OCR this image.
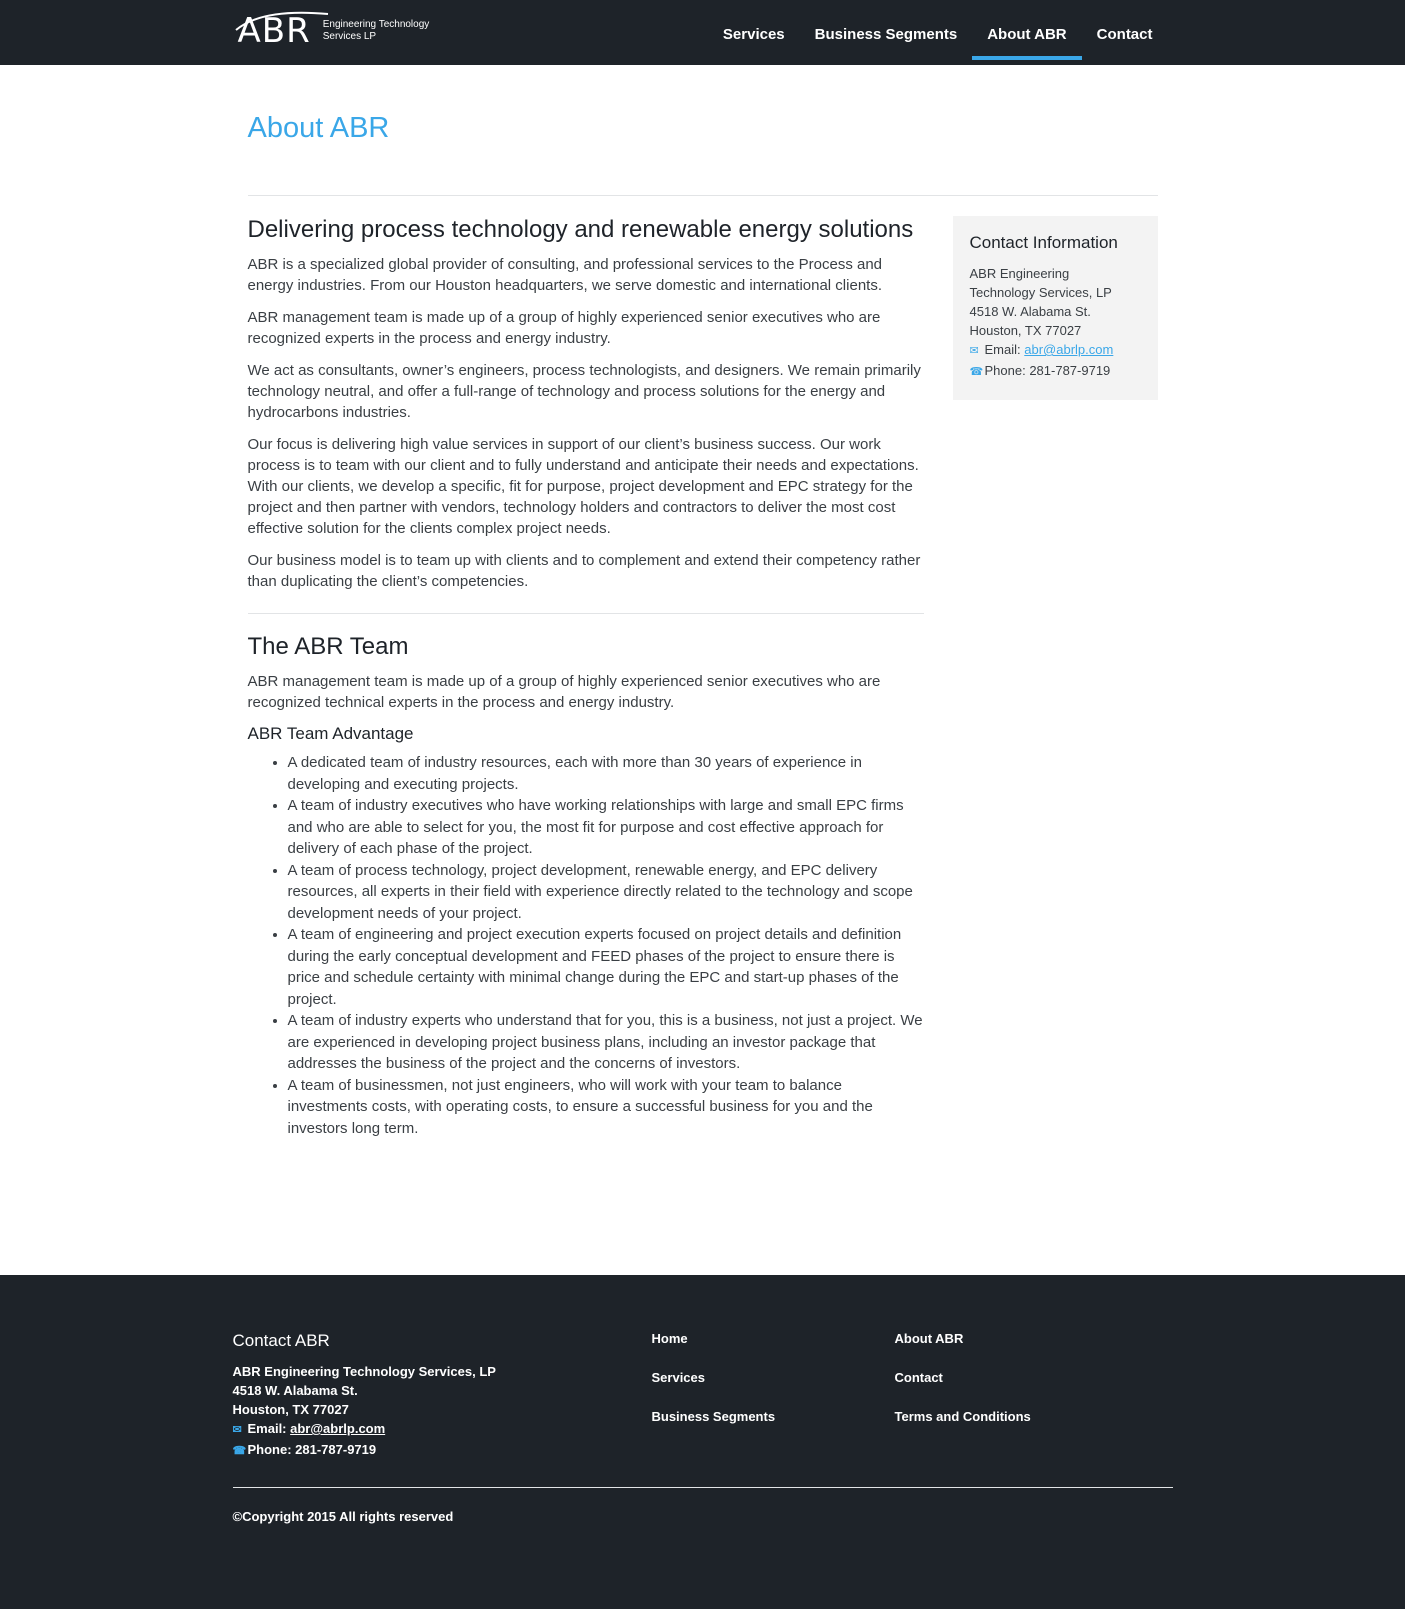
ABR Engineering Technology
Services LP	Services	Business Segments	About ABR	Contact
About ABR
Delivering process technology and renewable energy solutions

ABR is a specialized global provider of consulting, and professional services to the Process and energy industries. From our Houston headquarters, we serve domestic and international clients.

ABR management team is made up of a group of highly experienced senior executives who are recognized experts in the process and energy industry.

We act as consultants, owner’s engineers, process technologists, and designers. We remain primarily technology neutral, and offer a full-range of technology and process solutions for the energy and hydrocarbons industries.

Our focus is delivering high value services in support of our client’s business success. Our work process is to team with our client and to fully understand and anticipate their needs and expectations. With our clients, we develop a specific, fit for purpose, project development and EPC strategy for the project and then partner with vendors, technology holders and contractors to deliver the most cost effective solution for the clients complex project needs.

Our business model is to team up with clients and to complement and extend their competency rather than duplicating the client’s competencies.

The ABR Team

ABR management team is made up of a group of highly experienced senior executives who are recognized technical experts in the process and energy industry.

ABR Team Advantage
• A dedicated team of industry resources, each with more than 30 years of experience in developing and executing projects.
• A team of industry executives who have working relationships with large and small EPC firms and who are able to select for you, the most fit for purpose and cost effective approach for delivery of each phase of the project.
• A team of process technology, project development, renewable energy, and EPC delivery resources, all experts in their field with experience directly related to the technology and scope development needs of your project.
• A team of engineering and project execution experts focused on project details and definition during the early conceptual development and FEED phases of the project to ensure there is price and schedule certainty with minimal change during the EPC and start-up phases of the project.
• A team of industry experts who understand that for you, this is a business, not just a project. We are experienced in developing project business plans, including an investor package that addresses the business of the project and the concerns of investors.
• A team of businessmen, not just engineers, who will work with your team to balance investments costs, with operating costs, to ensure a successful business for you and the investors long term.
Contact Information
ABR Engineering
Technology Services, LP
4518 W. Alabama St.
Houston, TX 77027
✉ Email: abr@abrlp.com
☎Phone: 281-787-9719
Contact ABR
ABR Engineering Technology Services, LP
4518 W. Alabama St.
Houston, TX 77027
✉ Email: abr@abrlp.com
☎Phone: 281-787-9719
Home
Services
Business Segments
About ABR
Contact
Terms and Conditions
©Copyright 2015 All rights reserved
